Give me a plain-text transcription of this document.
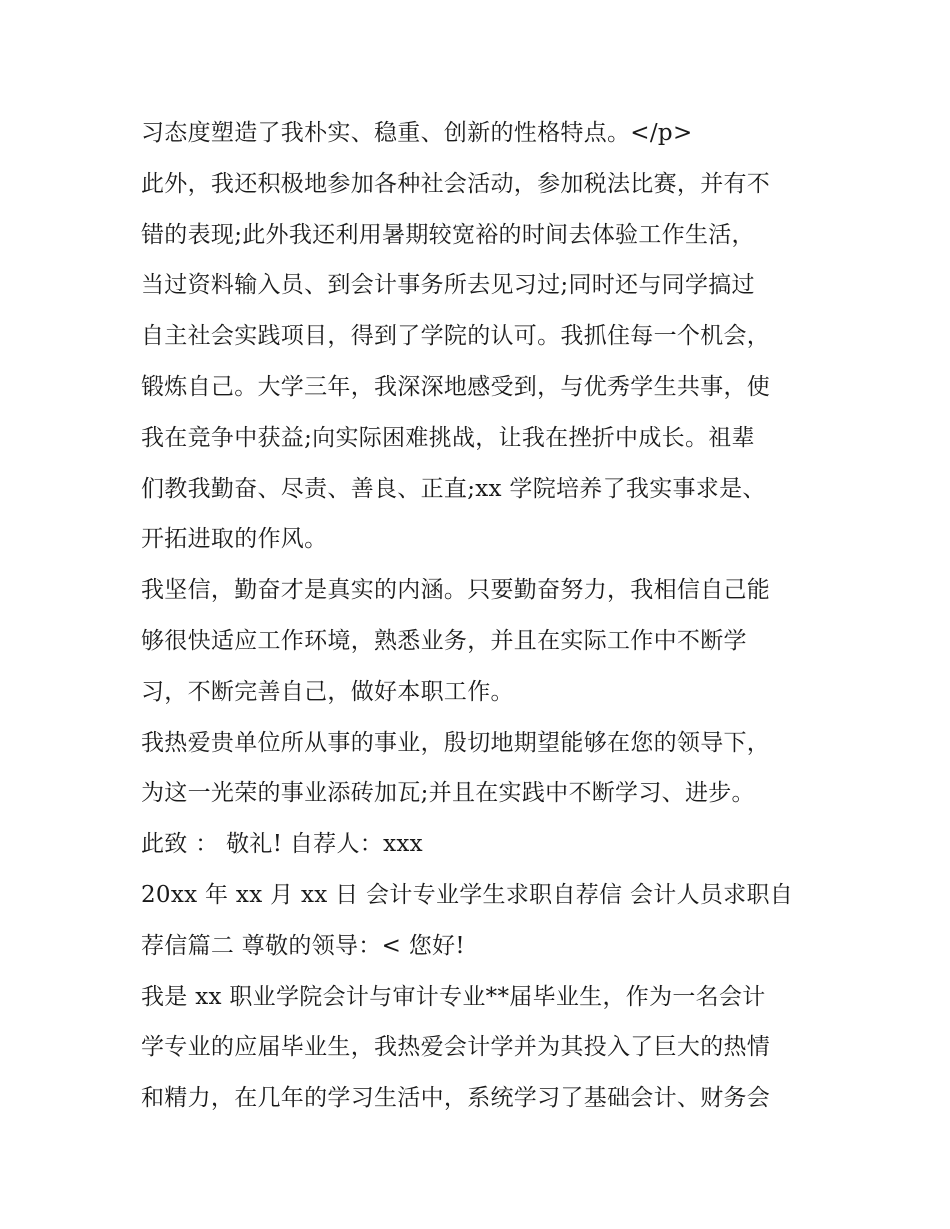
习态度塑造了我朴实、稳重、创新的性格特点。</p>
此外，我还积极地参加各种社会活动，参加税法比赛，并有不
错的表现;此外我还利用暑期较宽裕的时间去体验工作生活，
当过资料输入员、到会计事务所去见习过;同时还与同学搞过
自主社会实践项目，得到了学院的认可。我抓住每一个机会，
锻炼自己。大学三年，我深深地感受到，与优秀学生共事，使
我在竞争中获益;向实际困难挑战，让我在挫折中成长。祖辈
们教我勤奋、尽责、善良、正直;xx 学院培养了我实事求是、
开拓进取的作风。
我坚信，勤奋才是真实的内涵。只要勤奋努力，我相信自己能
够很快适应工作环境，熟悉业务，并且在实际工作中不断学
习，不断完善自己，做好本职工作。
我热爱贵单位所从事的事业，殷切地期望能够在您的领导下，
为这一光荣的事业添砖加瓦;并且在实践中不断学习、进步。
此致 ： 敬礼! 自荐人：xxx
20xx 年 xx 月 xx 日 会计专业学生求职自荐信 会计人员求职自
荐信篇二 尊敬的领导：< 您好!
我是 xx 职业学院会计与审计专业**届毕业生，作为一名会计
学专业的应届毕业生，我热爱会计学并为其投入了巨大的热情
和精力，在几年的学习生活中，系统学习了基础会计、财务会
